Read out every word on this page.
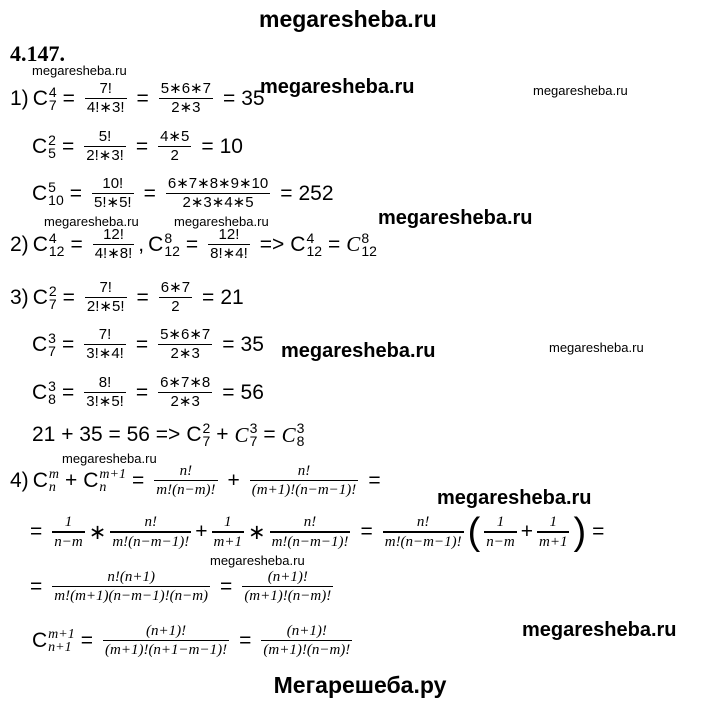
megaresheba.ru
megaresheba.ru
megaresheba.ru	megaresheba.ru
megaresheba.ru	megaresheba.ru	megaresheba.ru
megaresheba.ru	megaresheba.ru
megaresheba.ru
megaresheba.ru
megaresheba.ru
megaresheba.ru
4.147.
1) C 4
$7 = \frac{7!}{4!∗3!} = \frac{5∗6∗7}{2∗3} = 35$
C 2
$5 = \frac{5!}{2!∗3!} = \frac{4∗5}{2} = 10$
C 5
$10 = \frac{10!}{5!∗5!} = \frac{6∗7∗8∗9∗10}{2∗3∗4∗5} = 252$
2) C 4
$12 = \frac{12!}{4!∗8!}$ , C 8
$12 = \frac{12!}{8!∗4!} => C$ 4
12 = C 8
12
3) C 2
$7 = \frac{7!}{2!∗5!} = \frac{6∗7}{2} = 21$
C 3
$7 = \frac{7!}{3!∗4!} = \frac{5∗6∗7}{2∗3} = 35$
C 3
$8 = \frac{8!}{3!∗5!} = \frac{6∗7∗8}{2∗3} = 56$
21 + 35 = 56 => C 2
7 + C 3
7 = C 3
8
4) C m
n + C m+1
n	= $\frac{n!}{m!(n-m)!} + \frac{n!}{(m+1)!(n-m-1)!}$ =
= $\frac{1}{n-m}$ ∗ $\frac{n!}{m!(n-m-1)!} + \frac{1}{m+1}$ ∗ $\frac{n!}{m!(n-m-1)!} = \frac{n!}{m!(n-m-1)!}$ ( $\frac{1}{n-m} + \frac{1}{m+1}$ ) =
= $\frac{n!(n+1)}{m!(m+1)(n-m-1)!(n-m)} = \frac{(n+1)!}{(m+1)!(n-m)!}$
C m+1
$n+1 = \frac{(n+1)!}{(m+1)!(n+1-m-1)!} = \frac{(n+1)!}{(m+1)!(n-m)!}$
Мегарешеба.ру
